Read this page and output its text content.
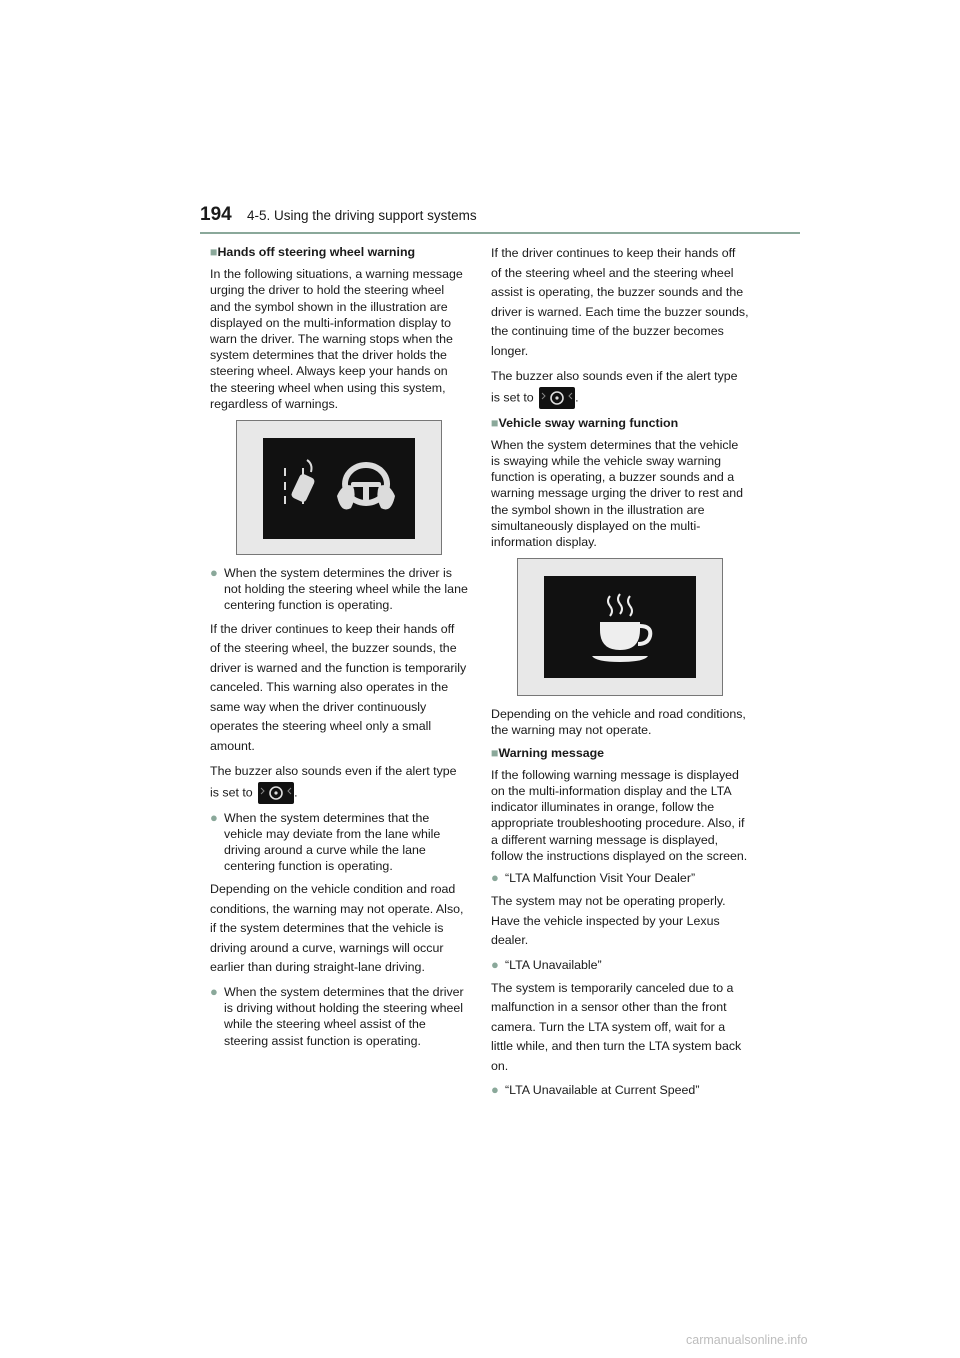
194 4-5. Using the driving support systems
■Hands off steering wheel warning

In the following situations, a warning message urging the driver to hold the steering wheel and the symbol shown in the illustration are displayed on the multi-information display to warn the driver. The warning stops when the system determines that the driver holds the steering wheel. Always keep your hands on the steering wheel when using this system, regardless of warnings.

● When the system determines the driver is not holding the steering wheel while the lane centering function is operating.

If the driver continues to keep their hands off of the steering wheel, the buzzer sounds, the driver is warned and the function is temporarily canceled. This warning also operates in the same way when the driver continuously operates the steering wheel only a small amount.

The buzzer also sounds even if the alert type is set to	.

● When the system determines that the vehicle may deviate from the lane while driving around a curve while the lane centering function is operating.

Depending on the vehicle condition and road conditions, the warning may not operate. Also, if the system determines that the vehicle is driving around a curve, warnings will occur earlier than during straight-lane driving.

● When the system determines that the driver is driving without holding the steering wheel while the steering wheel assist of the steering assist function is operating.

If the driver continues to keep their hands off of the steering wheel and the steering wheel assist is operating, the buzzer sounds and the driver is warned. Each time the buzzer sounds, the continuing time of the buzzer becomes longer.

The buzzer also sounds even if the alert type is set to	.

■Vehicle sway warning function

When the system determines that the vehicle is swaying while the vehicle sway warning function is operating, a buzzer sounds and a warning message urging the driver to rest and the symbol shown in the illustration are simultaneously displayed on the multi-information display.

Depending on the vehicle and road conditions, the warning may not operate.

■Warning message

If the following warning message is displayed on the multi-information display and the LTA indicator illuminates in orange, follow the appropriate troubleshooting procedure. Also, if a different warning message is displayed, follow the instructions displayed on the screen.

● “LTA Malfunction Visit Your Dealer”

The system may not be operating properly. Have the vehicle inspected by your Lexus dealer.

● “LTA Unavailable”

The system is temporarily canceled due to a malfunction in a sensor other than the front camera. Turn the LTA system off, wait for a little while, and then turn the LTA system back on.

● “LTA Unavailable at Current Speed”
carmanualsonline.info
